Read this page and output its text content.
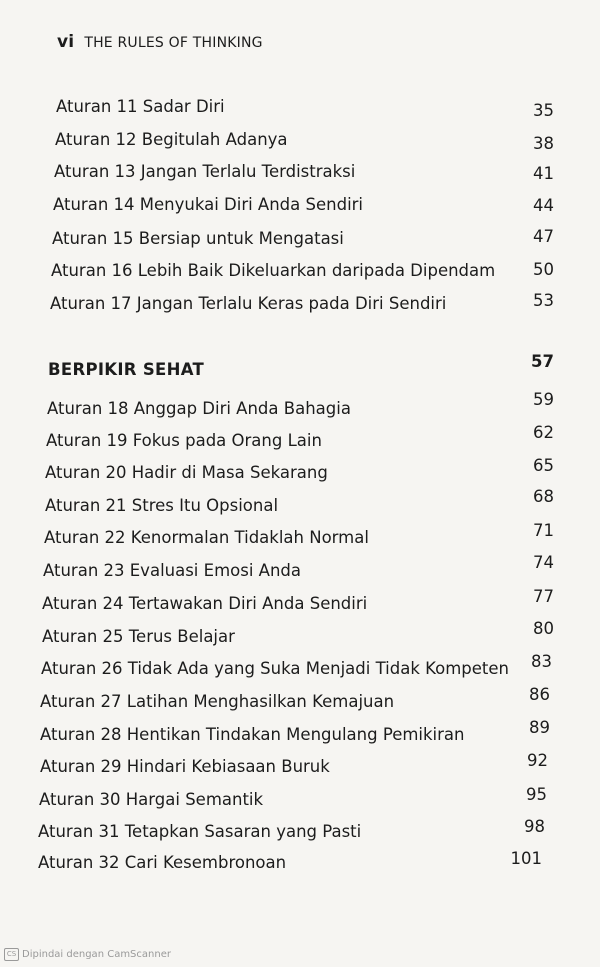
vi THE RULES OF THINKING
Aturan 11 Sadar Diri	35
Aturan 12 Begitulah Adanya	38
Aturan 13 Jangan Terlalu Terdistraksi	41
Aturan 14 Menyukai Diri Anda Sendiri	44
Aturan 15 Bersiap untuk Mengatasi	47
Aturan 16 Lebih Baik Dikeluarkan daripada Dipendam	50
Aturan 17 Jangan Terlalu Keras pada Diri Sendiri	53
BERPIKIR SEHAT	57
Aturan 18 Anggap Diri Anda Bahagia	59
Aturan 19 Fokus pada Orang Lain	62
Aturan 20 Hadir di Masa Sekarang	65
Aturan 21 Stres Itu Opsional	68
Aturan 22 Kenormalan Tidaklah Normal	71
Aturan 23 Evaluasi Emosi Anda	74
Aturan 24 Tertawakan Diri Anda Sendiri	77
Aturan 25 Terus Belajar	80
Aturan 26 Tidak Ada yang Suka Menjadi Tidak Kompeten	83
Aturan 27 Latihan Menghasilkan Kemajuan	86
Aturan 28 Hentikan Tindakan Mengulang Pemikiran	89
Aturan 29 Hindari Kebiasaan Buruk	92
Aturan 30 Hargai Semantik	95
Aturan 31 Tetapkan Sasaran yang Pasti	98
Aturan 32 Cari Kesembronoan	101
CS Dipindai dengan CamScanner
